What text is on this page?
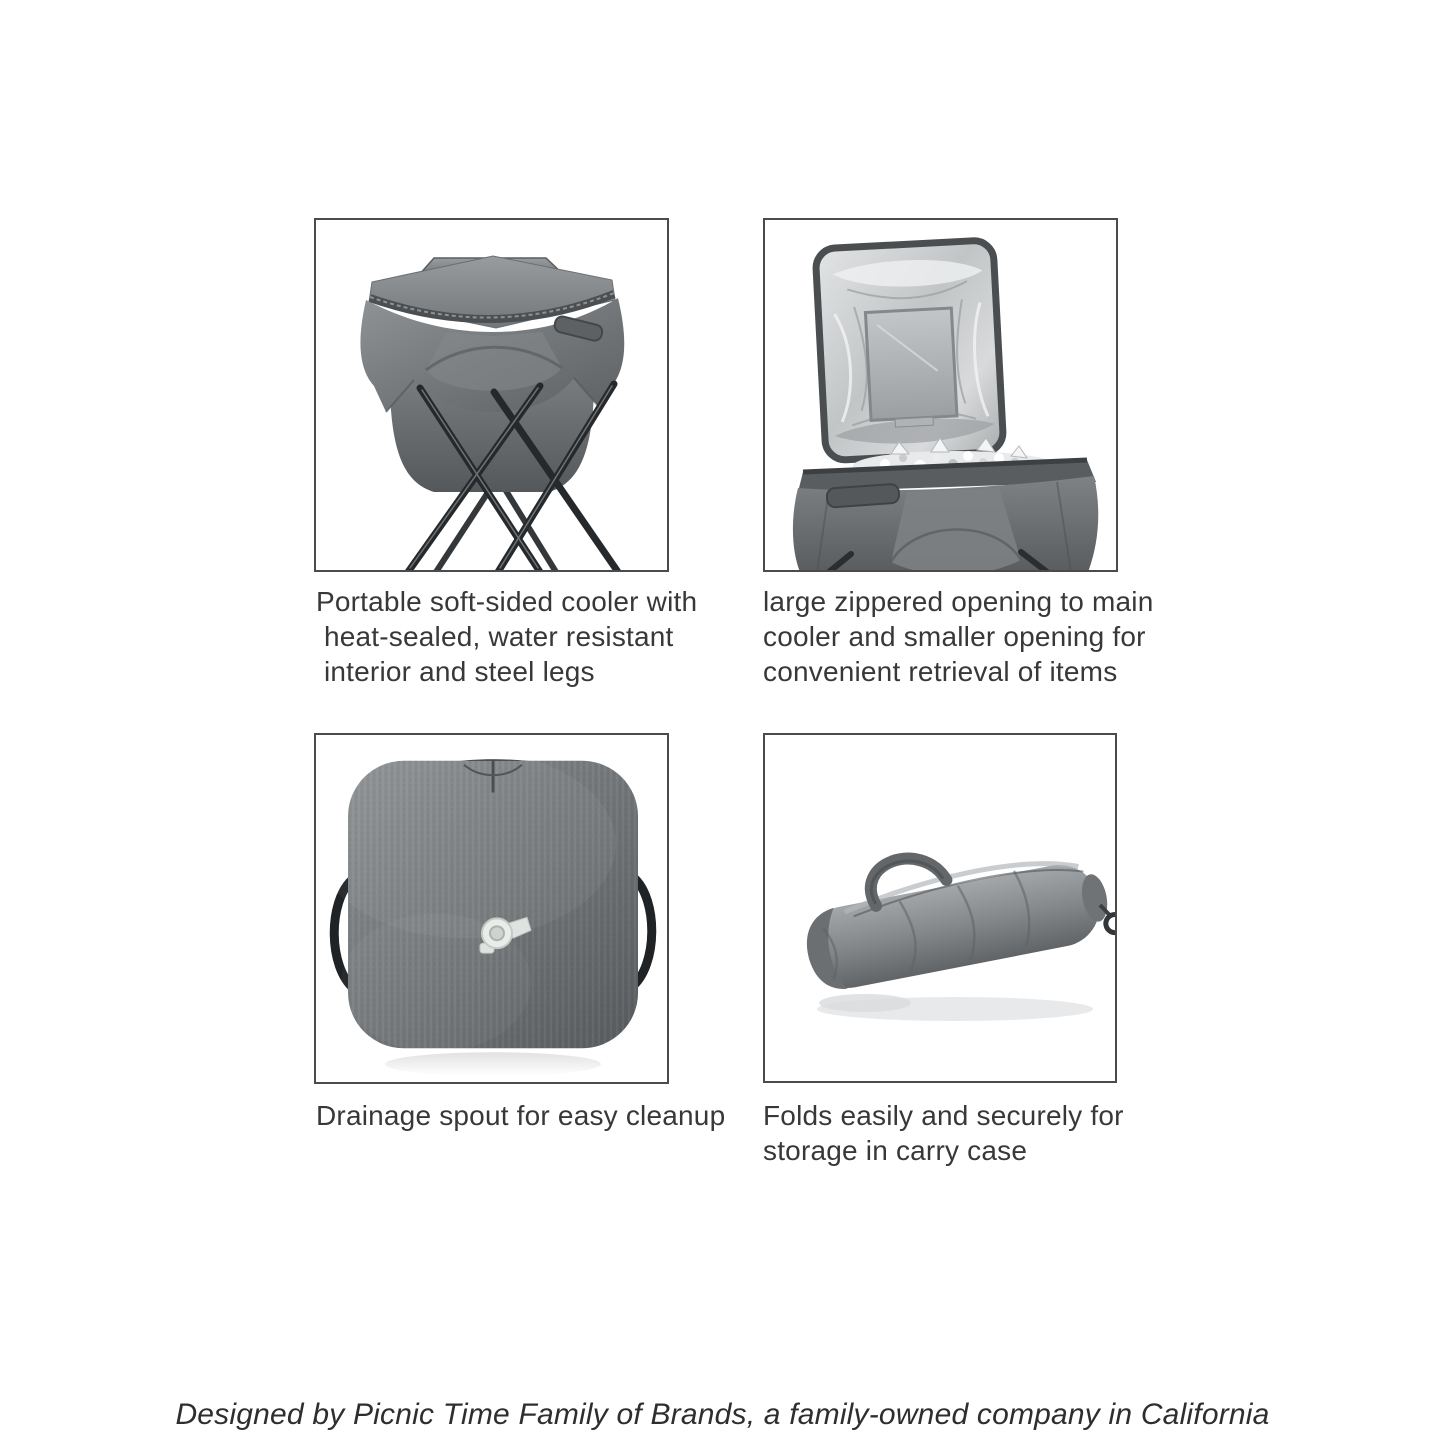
Portable soft-sided cooler with
heat-sealed, water resistant
interior and steel legs
large zippered opening to main
cooler and smaller opening for
convenient retrieval of items
Drainage spout for easy cleanup	Folds easily and securely for
storage in carry case
Designed by Picnic Time Family of Brands, a family-owned company in California
